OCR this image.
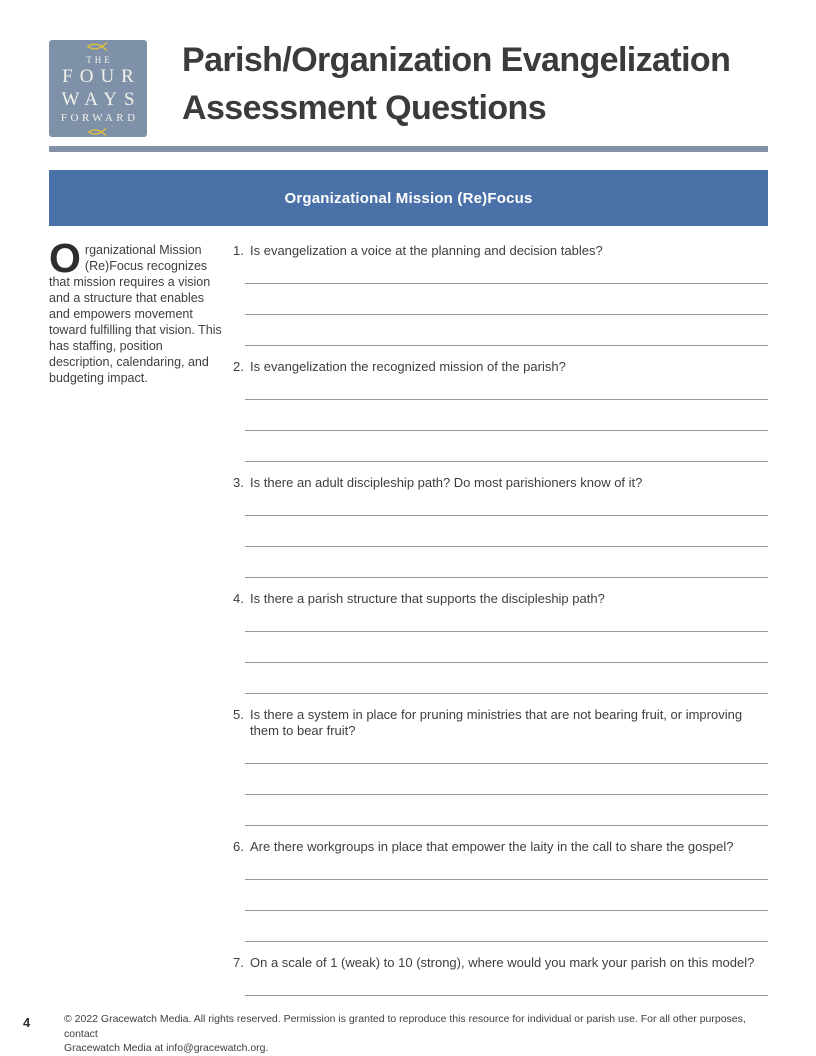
THE
FOUR
WAYS
FORWARD
Parish/Organization Evangelization
Assessment Questions
Organizational Mission (Re)Focus
Organizational Mission (Re)Focus recognizes that mission requires a vision and a structure that enables and empowers movement toward fulfilling that vision. This has staffing, position description, calendaring, and budgeting impact.
1. Is evangelization a voice at the planning and decision tables?
2. Is evangelization the recognized mission of the parish?
3. Is there an adult discipleship path? Do most parishioners know of it?
4. Is there a parish structure that supports the discipleship path?
5. Is there a system in place for pruning ministries that are not bearing fruit, or improving them to bear fruit?
6. Are there workgroups in place that empower the laity in the call to share the gospel?
7. On a scale of 1 (weak) to 10 (strong), where would you mark your parish on this model?
4	© 2022 Gracewatch Media. All rights reserved. Permission is granted to reproduce this resource for individual or parish use. For all other purposes, contact
Gracewatch Media at info@gracewatch.org.
